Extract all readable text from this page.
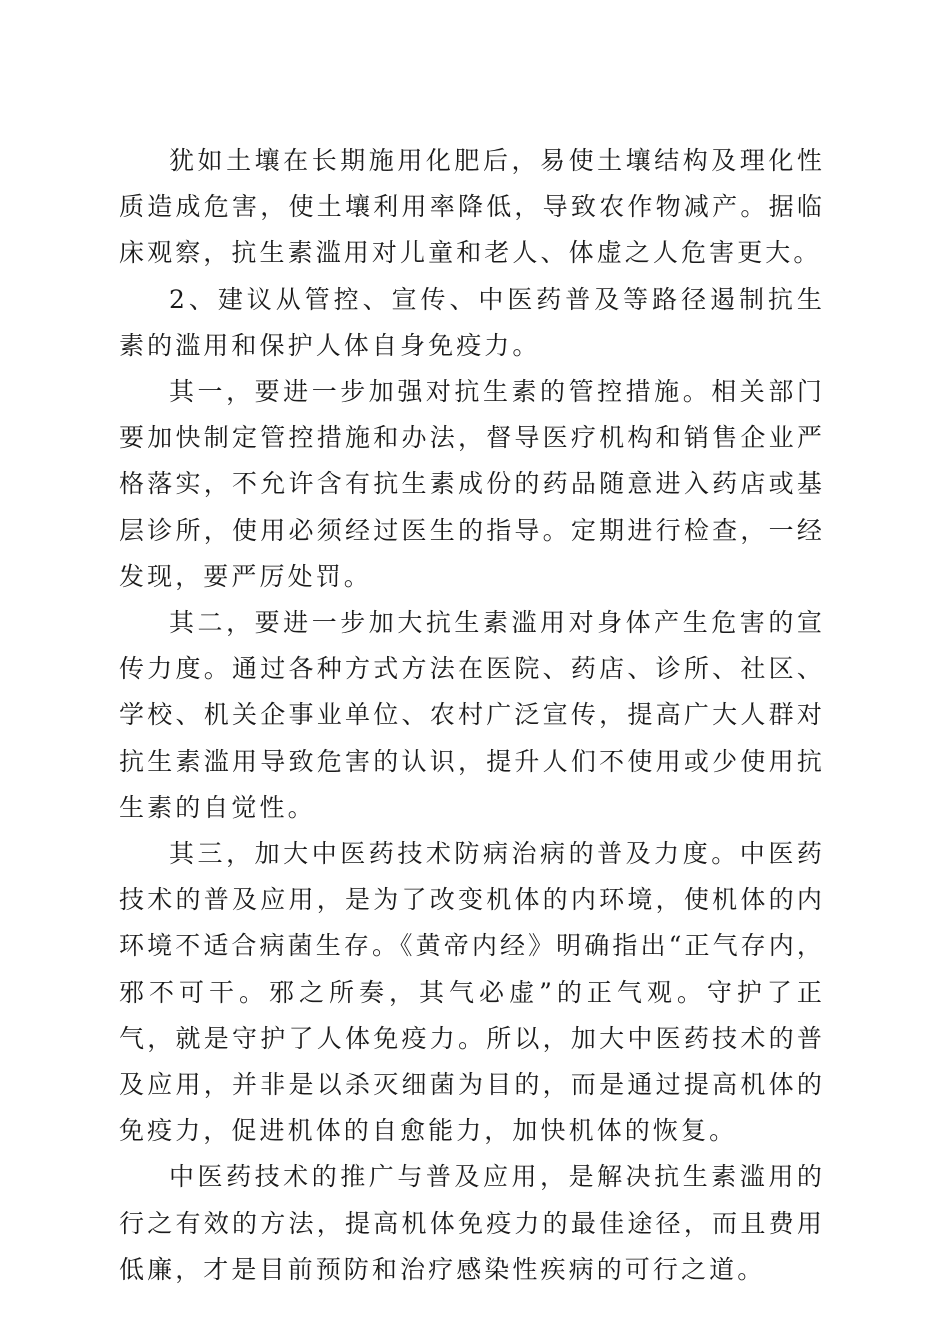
犹如土壤在长期施用化肥后，易使土壤结构及理化性质造成危害，使土壤利用率降低，导致农作物减产。据临床观察，抗生素滥用对儿童和老人、体虚之人危害更大。

2、建议从管控、宣传、中医药普及等路径遏制抗生素的滥用和保护人体自身免疫力。

其一，要进一步加强对抗生素的管控措施。相关部门要加快制定管控措施和办法，督导医疗机构和销售企业严格落实，不允许含有抗生素成份的药品随意进入药店或基层诊所，使用必须经过医生的指导。定期进行检查，一经发现，要严厉处罚。

其二，要进一步加大抗生素滥用对身体产生危害的宣传力度。通过各种方式方法在医院、药店、诊所、社区、学校、机关企事业单位、农村广泛宣传，提高广大人群对抗生素滥用导致危害的认识，提升人们不使用或少使用抗生素的自觉性。

其三，加大中医药技术防病治病的普及力度。中医药技术的普及应用，是为了改变机体的内环境，使机体的内环境不适合病菌生存。《黄帝内经》明确指出“正气存内，邪不可干。邪之所奏，其气必虚”的正气观。守护了正气，就是守护了人体免疫力。所以，加大中医药技术的普及应用，并非是以杀灭细菌为目的，而是通过提高机体的免疫力，促进机体的自愈能力，加快机体的恢复。

中医药技术的推广与普及应用，是解决抗生素滥用的行之有效的方法，提高机体免疫力的最佳途径，而且费用低廉，才是目前预防和治疗感染性疾病的可行之道。
